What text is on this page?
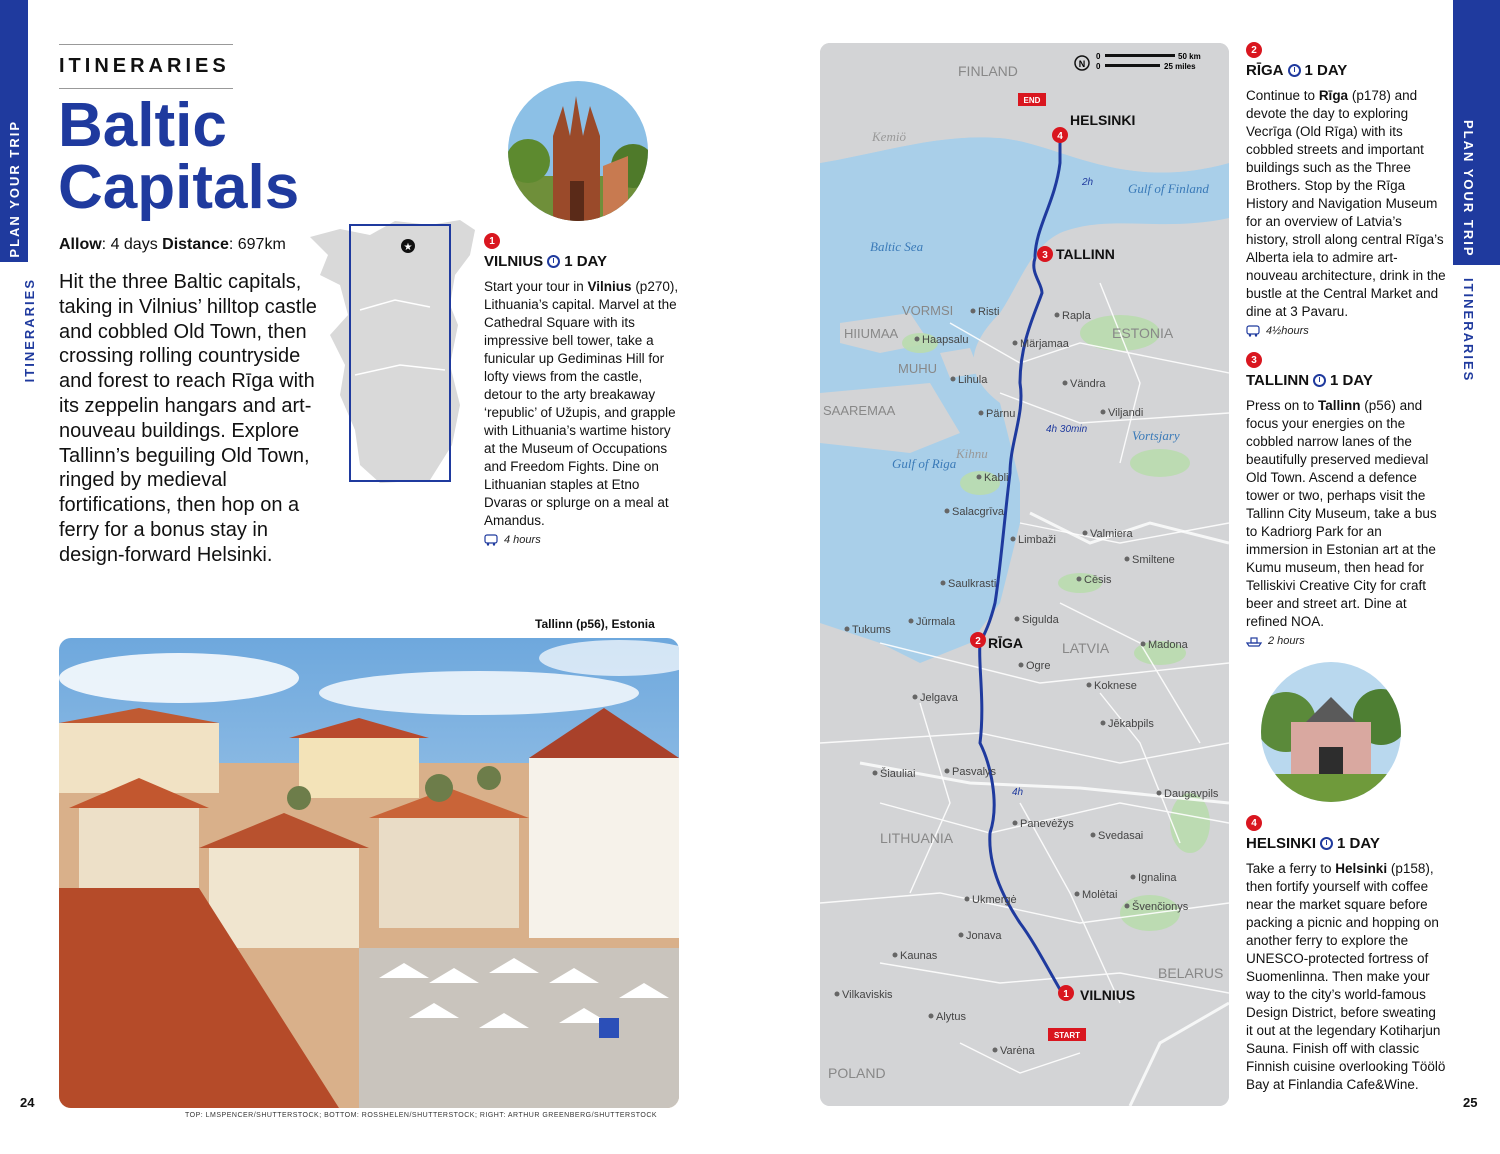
PLAN YOUR TRIP
ITINERARIES
PLAN YOUR TRIP
ITINERARIES
24	25
ITINERARIES
Baltic
Capitals
Allow: 4 days Distance: 697km
Hit the three Baltic capitals, taking in Vilnius’ hilltop castle and cobbled Old Town, then crossing rolling countryside and forest to reach Rīga with its zeppelin hangars and art-nouveau buildings. Explore Tallinn’s beguiling Old Town, ringed by medieval fortifications, then hop on a ferry for a bonus stay in design-forward Helsinki.
★
1
VILNIUS 1 DAY
Start your tour in Vilnius (p270), Lithuania’s capital. Marvel at the Cathedral Square with its impressive bell tower, take a funicular up Gediminas Hill for lofty views from the castle, detour to the arty breakaway ‘republic’ of Užupis, and grapple with Lithuania’s wartime history at the Museum of Occupations and Freedom Fights. Dine on Lithuanian staples at Etno Dvaras or splurge on a meal at Amandus.
4 hours
Tallinn (p56), Estonia
TOP: LMSPENCER/SHUTTERSTOCK; BOTTOM: ROSSHELEN/SHUTTERSTOCK; RIGHT: ARTHUR GREENBERG/SHUTTERSTOCK
N
0
0
50 km
25 miles
FINLAND
ESTONIA
LATVIA
LITHUANIA
BELARUS
POLAND
VORMSI
HIIUMAA
MUHU
SAAREMAA
Gulf of Finland
Baltic Sea
Gulf of Riga
Vortsjary
Kihnu
Kemiö
HELSINKI
TALLINN
RĪGA
VILNIUS
4
3
2
1
END
START
2h
4h 30min
4h
Risti	Rapla
Haapsalu	Märjamaa
Lihula	Vändra
Pärnu	Viljandi
Kabli
Salacgrīva
Valmiera
Limbaži
Smiltene
Cēsis
Saulkrasti
Jūrmala	Sigulda
Tukums
Ogre
Madona
Jelgava
Koknese
Jēkabpils
Šiauliai	Pasvalys
Daugavpils
Panevėžys
Svedasai
Ignalina
Molėtai
Ukmergė
Švenčionys
Jonava
Kaunas
Vilkaviskis
Alytus
Varėna
2
RĪGA 1 DAY
Continue to Rīga (p178) and devote the day to exploring Vecrīga (Old Rīga) with its cobbled streets and important buildings such as the Three Brothers. Stop by the Rīga History and Navigation Museum for an overview of Latvia’s history, stroll along central Rīga’s Alberta iela to admire art-nouveau architecture, drink in the bustle at the Central Market and dine at 3 Pavaru.
4½hours
3
TALLINN 1 DAY
Press on to Tallinn (p56) and focus your energies on the cobbled narrow lanes of the beautifully preserved medieval Old Town. Ascend a defence tower or two, perhaps visit the Tallinn City Museum, take a bus to Kadriorg Park for an immersion in Estonian art at the Kumu museum, then head for Telliskivi Creative City for craft beer and street art. Dine at refined NOA.
2 hours
4
HELSINKI 1 DAY
Take a ferry to Helsinki (p158), then fortify yourself with coffee near the market square before packing a picnic and hopping on another ferry to explore the UNESCO-protected fortress of Suomenlinna. Then make your way to the city’s world-famous Design District, before sweating it out at the legendary Kotiharjun Sauna. Finish off with classic Finnish cuisine overlooking Töölö Bay at Finlandia Cafe&Wine.
